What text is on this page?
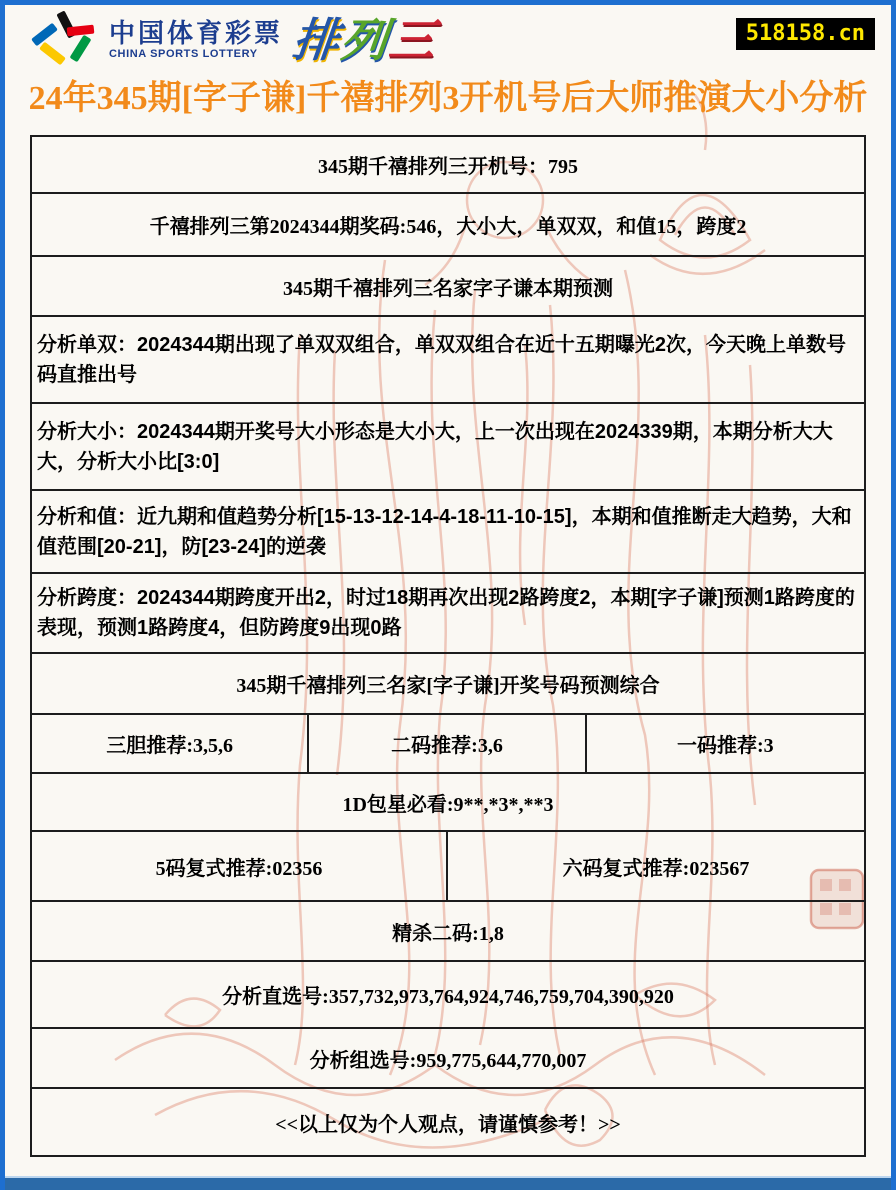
中国体育彩票
CHINA SPORTS LOTTERY 排列三	518158.cn
24年345期[字子谦]千禧排列3开机号后大师推演大小分析
345期千禧排列三开机号：795
千禧排列三第2024344期奖码:546，大小大，单双双，和值15，跨度2
345期千禧排列三名家字子谦本期预测
分析单双：2024344期出现了单双双组合，单双双组合在近十五期曝光2次，今天晚上单数号码直推出号
分析大小：2024344期开奖号大小形态是大小大，上一次出现在2024339期，本期分析大大大，分析大小比[3:0]
分析和值：近九期和值趋势分析[15-13-12-14-4-18-11-10-15]，本期和值推断走大趋势，大和值范围[20-21]，防[23-24]的逆袭
分析跨度：2024344期跨度开出2，时过18期再次出现2路跨度2，本期[字子谦]预测1路跨度的表现，预测1路跨度4，但防跨度9出现0路
345期千禧排列三名家[字子谦]开奖号码预测综合
三胆推荐:3,5,6	二码推荐:3,6	一码推荐:3
1D包星必看:9**,*3*,**3
5码复式推荐:02356	六码复式推荐:023567
精杀二码:1,8
分析直选号:357,732,973,764,924,746,759,704,390,920
分析组选号:959,775,644,770,007
<<以上仅为个人观点，请谨慎参考！>>
